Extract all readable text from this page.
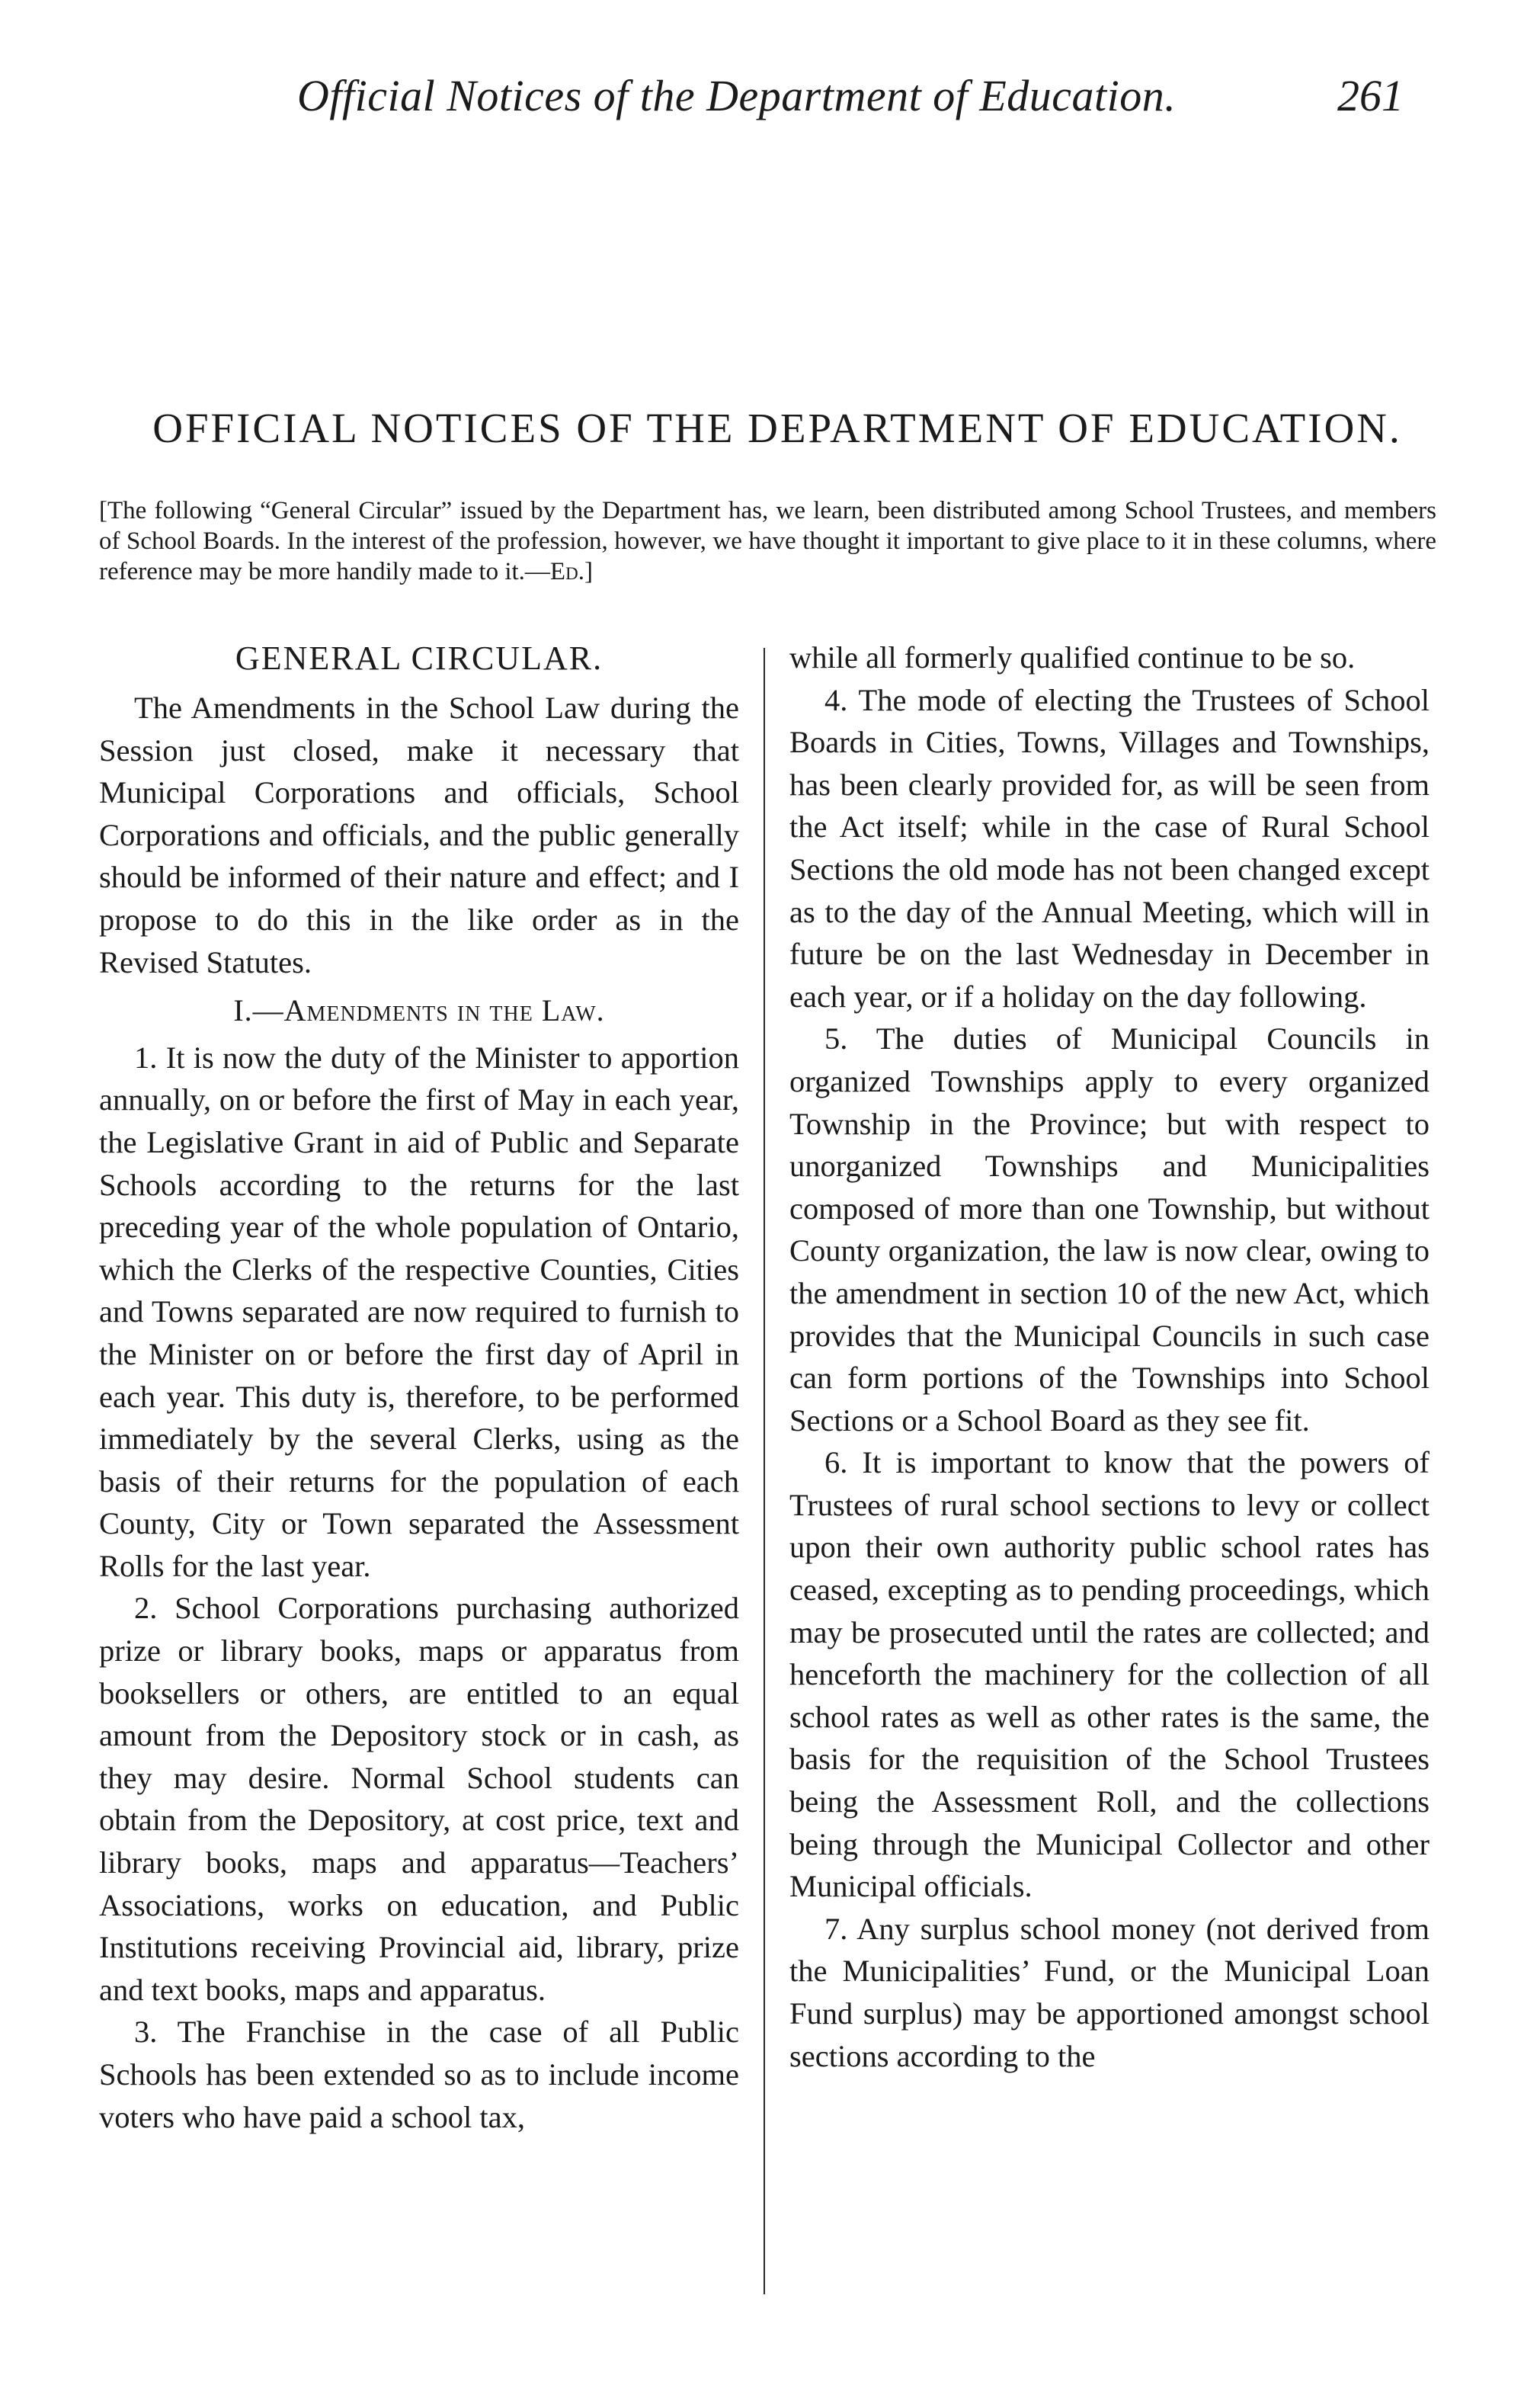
Official Notices of the Department of Education.	261
OFFICIAL NOTICES OF THE DEPARTMENT OF EDUCATION.
[The following “General Circular” issued by the Department has, we learn, been distributed among School Trustees, and members of School Boards. In the interest of the profession, however, we have thought it important to give place to it in these columns, where reference may be more handily made to it.—Ed.]
GENERAL CIRCULAR.

The Amendments in the School Law during the Session just closed, make it necessary that Municipal Corporations and officials, School Corporations and officials, and the public generally should be informed of their nature and effect; and I propose to do this in the like order as in the Revised Statutes.

I.—Amendments in the Law.

1. It is now the duty of the Minister to apportion annually, on or before the first of May in each year, the Legislative Grant in aid of Public and Separate Schools according to the returns for the last preceding year of the whole population of Ontario, which the Clerks of the respective Counties, Cities and Towns separated are now required to furnish to the Minister on or before the first day of April in each year. This duty is, therefore, to be performed immediately by the several Clerks, using as the basis of their returns for the population of each County, City or Town separated the Assessment Rolls for the last year.

2. School Corporations purchasing authorized prize or library books, maps or apparatus from booksellers or others, are entitled to an equal amount from the Depository stock or in cash, as they may desire. Normal School students can obtain from the Depository, at cost price, text and library books, maps and apparatus—Teachers’ Associations, works on education, and Public Institutions receiving Provincial aid, library, prize and text books, maps and apparatus.

3. The Franchise in the case of all Public Schools has been extended so as to include income voters who have paid a school tax,

while all formerly qualified continue to be so.

4. The mode of electing the Trustees of School Boards in Cities, Towns, Villages and Townships, has been clearly provided for, as will be seen from the Act itself; while in the case of Rural School Sections the old mode has not been changed except as to the day of the Annual Meeting, which will in future be on the last Wednesday in December in each year, or if a holiday on the day following.

5. The duties of Municipal Councils in organized Townships apply to every organized Township in the Province; but with respect to unorganized Townships and Municipalities composed of more than one Township, but without County organization, the law is now clear, owing to the amendment in section 10 of the new Act, which provides that the Municipal Councils in such case can form portions of the Townships into School Sections or a School Board as they see fit.

6. It is important to know that the powers of Trustees of rural school sections to levy or collect upon their own authority public school rates has ceased, excepting as to pending proceedings, which may be prosecuted until the rates are collected; and henceforth the machinery for the collection of all school rates as well as other rates is the same, the basis for the requisition of the School Trustees being the Assessment Roll, and the collections being through the Municipal Collector and other Municipal officials.

7. Any surplus school money (not derived from the Municipalities’ Fund, or the Municipal Loan Fund surplus) may be apportioned amongst school sections according to the
